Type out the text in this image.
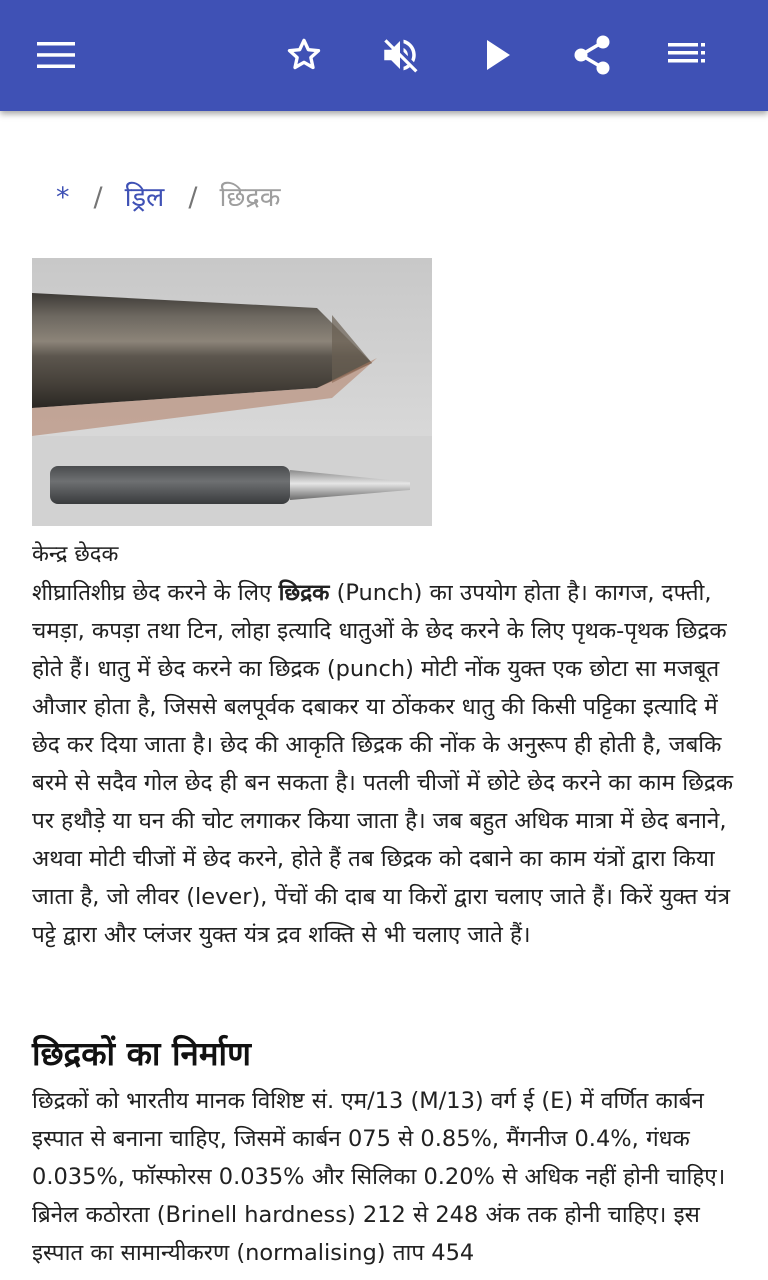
* / ड्रिल / छिद्रक
केन्द्र छेदक

शीघ्रातिशीघ्र छेद करने के लिए छिद्रक (Punch) का उपयोग होता है। कागज, दफ्ती, चमड़ा, कपड़ा तथा टिन, लोहा इत्यादि धातुओं के छेद करने के लिए पृथक-पृथक छिद्रक होते हैं। धातु में छेद करने का छिद्रक (punch) मोटी नोंक युक्त एक छोटा सा मजबूत औजार होता है, जिससे बलपूर्वक दबाकर या ठोंककर धातु की किसी पट्टिका इत्यादि में छेद कर दिया जाता है। छेद की आकृति छिद्रक की नोंक के अनुरूप ही होती है, जबकि बरमे से सदैव गोल छेद ही बन सकता है। पतली चीजों में छोटे छेद करने का काम छिद्रक पर हथौड़े या घन की चोट लगाकर किया जाता है। जब बहुत अधिक मात्रा में छेद बनाने, अथवा मोटी चीजों में छेद करने, होते हैं तब छिद्रक को दबाने का काम यंत्रों द्वारा किया जाता है, जो लीवर (lever), पेंचों की दाब या किरों द्वारा चलाए जाते हैं। किरें युक्त यंत्र पट्टे द्वारा और प्लंजर युक्त यंत्र द्रव शक्ति से भी चलाए जाते हैं।

छिद्रकों का निर्माण

छिद्रकों को भारतीय मानक विशिष्ट सं. एम/13 (M/13) वर्ग ई (E) में वर्णित कार्बन इस्पात से बनाना चाहिए, जिसमें कार्बन 075 से 0.85%, मैंगनीज 0.4%, गंधक 0.035%, फॉस्फोरस 0.035% और सिलिका 0.20% से अधिक नहीं होनी चाहिए। ब्रिनेल कठोरता (Brinell hardness) 212 से 248 अंक तक होनी चाहिए। इस इस्पात का सामान्यीकरण (normalising) ताप 454
